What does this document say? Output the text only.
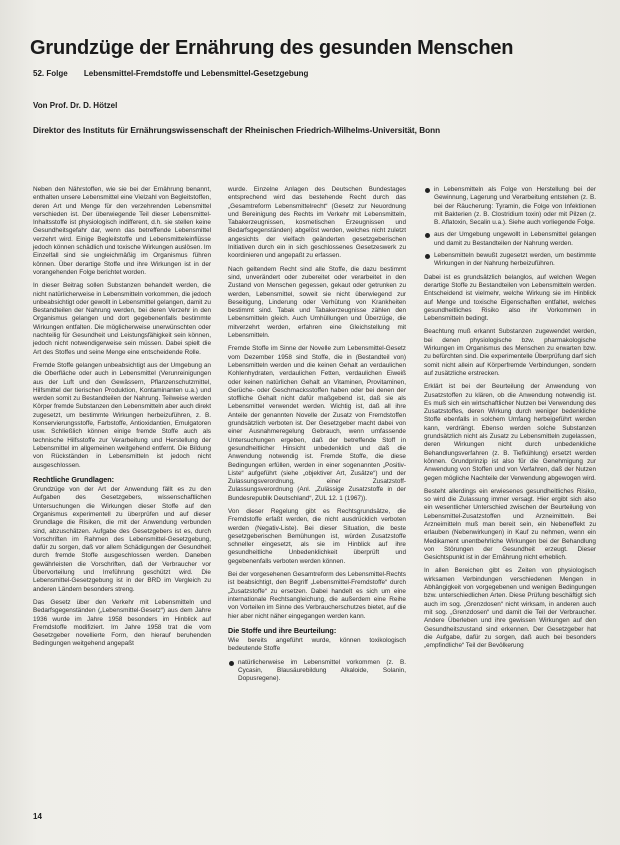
Grundzüge der Ernährung des gesunden Menschen
52. Folge Lebensmittel-Fremdstoffe und Lebensmittel-Gesetzgebung
Von Prof. Dr. D. Hötzel
Direktor des Instituts für Ernährungswissenschaft der Rheinischen Friedrich-Wilhelms-Universität, Bonn

Neben den Nährstoffen, wie sie bei der Ernährung benannt, enthalten unsere Lebensmittel eine Vielzahl von Begleitstoffen, deren Art und Menge für den verzehrenden Lebensmittel verschieden ist. Der überwiegende Teil dieser Lebensmittel-Inhaltsstoffe ist physiologisch indifferent, d.h. sie stellen keine Gesundheitsgefahr dar, wenn das betreffende Lebensmittel verzehrt wird. Einige Begleitstoffe und Lebensmitteleinflüsse jedoch können schädlich und toxische Wirkungen auslösen. Im Einzelfall sind sie ungleichmäßig im Organismus führen können. Über derartige Stoffe und ihre Wirkungen ist in der vorangehenden Folge berichtet worden.

In dieser Beitrag sollen Substanzen behandelt werden, die nicht natürlicherweise in Lebensmitteln vorkommen, die jedoch unbeabsichtigt oder gewollt in Lebensmittel gelangen, damit zu Bestandteilen der Nahrung werden, bei deren Verzehr in den Organismus gelangen und dort gegebenenfalls bestimmte Wirkungen entfalten. Die möglicherweise unerwünschten oder nachteilig für Gesundheit und Leistungsfähigkeit sein können, jedoch nicht notwendigerweise sein müssen. Dabei spielt die Art des Stoffes und seine Menge eine entscheidende Rolle.

Fremde Stoffe gelangen unbeabsichtigt aus der Umgebung an die Oberfläche oder auch in Lebensmittel (Verunreinigungen aus der Luft und den Gewässern, Pflanzenschutzmittel, Hilfsmittel der tierischen Produktion, Kontaminanten u.a.) und werden somit zu Bestandteilen der Nahrung. Teilweise werden Körper fremde Substanzen den Lebensmitteln aber auch direkt zugesetzt, um bestimmte Wirkungen herbeizuführen, z. B. Konservierungsstoffe, Farbstoffe, Antioxidantien, Emulgatoren usw. Schließlich können einige fremde Stoffe auch als technische Hilfsstoffe zur Verarbeitung und Herstellung der Lebensmittel im allgemeinen weitgehend entfernt. Die Bildung von Rückständen in Lebensmitteln ist jedoch nicht ausgeschlossen.

Rechtliche Grundlagen:

Grundzüge von der Art der Anwendung fällt es zu den Aufgaben des Gesetzgebers, wissenschaftlichen Untersuchungen die Wirkungen dieser Stoffe auf den Organismus experimentell zu überprüfen und auf dieser Grundlage die Risiken, die mit der Anwendung verbunden sind, abzuschätzen. Aufgabe des Gesetzgebers ist es, durch Vorschriften im Rahmen des Lebensmittel-Gesetzgebung, dafür zu sorgen, daß vor allem Schädigungen der Gesundheit durch fremde Stoffe ausgeschlossen werden. Daneben gewährleisten die Vorschriften, daß der Verbraucher vor Übervorteilung und Irreführung geschützt wird. Die Lebensmittel-Gesetzgebung ist in der BRD im Vergleich zu anderen Ländern besonders streng.

Das Gesetz über den Verkehr mit Lebensmitteln und Bedarfsgegenständen („Lebensmittel-Gesetz“) aus dem Jahre 1936 wurde im Jahre 1958 besonders im Hinblick auf Fremdstoffe modifiziert. Im Jahre 1958 trat die vom Gesetzgeber novellierte Form, den hierauf beruhenden Bedingungen weitgehend angepaßt

wurde. Einzelne Anlagen des Deutschen Bundestages entsprechend wird das bestehende Recht durch das „Gesamtreform Lebensmittelrecht“ (Gesetz zur Neuordnung und Bereinigung des Rechts im Verkehr mit Lebensmitteln, Tabakerzeugnissen, kosmetischen Erzeugnissen und Bedarfsgegenständen) abgelöst werden, welches nicht zuletzt angesichts der vielfach geänderten gesetzgeberischen Initiativen durch ein in sich geschlossenes Gesetzeswerk zu koordinieren und angepaßt zu erfassen.

Nach geltendem Recht sind alle Stoffe, die dazu bestimmt sind, unverändert oder zubereitet oder verarbeitet in den Zustand von Menschen gegessen, gekaut oder getrunken zu werden, Lebensmittel, soweit sie nicht überwiegend zur Beseitigung, Linderung oder Verhütung von Krankheiten bestimmt sind. Tabak und Tabakerzeugnisse zählen den Lebensmitteln gleich. Auch Umhüllungen und Überzüge, die mitverzehrt werden, erfahren eine Gleichstellung mit Lebensmitteln.

Fremde Stoffe im Sinne der Novelle zum Lebensmittel-Gesetz vom Dezember 1958 sind Stoffe, die in (Bestandteil von) Lebensmitteln werden und die keinen Gehalt an verdaulichen Kohlenhydraten, verdaulichen Fetten, verdaulichen Eiweiß oder keinen natürlichen Gehalt an Vitaminen, Provitaminen, Gerüche- oder Geschmacksstoffen haben oder bei denen der stoffliche Gehalt nicht dafür maßgebend ist, daß sie als Lebensmittel verwendet werden. Wichtig ist, daß all ihre Anteile der genannten Novelle der Zusatz von Fremdstoffen grundsätzlich verboten ist. Der Gesetzgeber macht dabei von einer Ausnahmeregelung Gebrauch, wenn umfassende Untersuchungen ergeben, daß der betreffende Stoff in gesundheitlicher Hinsicht unbedenklich und daß die Anwendung notwendig ist. Fremde Stoffe, die diese Bedingungen erfüllen, werden in einer sogenannten „Positiv-Liste“ aufgeführt (siehe „objektiver Art, Zusätze“) und der Zulassungsverordnung, einer Zusatzstoff-Zulassungsverordnung (Anl. „Zulässige Zusatzstoffe in der Bundesrepublik Deutschland“, ZUL 12. 1 (1967)).

Von dieser Regelung gibt es Rechtsgrundsätze, die Fremdstoffe erfaßt werden, die nicht ausdrücklich verboten werden (Negativ-Liste). Bei dieser Situation, die beste gesetzgeberischen Bemühungen ist, würden Zusatzstoffe schneller eingesetzt, als sie im Hinblick auf ihre gesundheitliche Unbedenklichkeit überprüft und gegebenenfalls verboten werden können.

Bei der vorgesehenen Gesamtreform des Lebensmittel-Rechts ist beabsichtigt, den Begriff „Lebensmittel-Fremdstoffe“ durch „Zusatzstoffe“ zu ersetzen. Dabei handelt es sich um eine internationale Rechtsangleichung, die außerdem eine Reihe von Vorteilen im Sinne des Verbraucherschutzes bietet, auf die hier aber nicht näher eingegangen werden kann.

Die Stoffe und ihre Beurteilung:

Wie bereits angeführt wurde, können toxikologisch bedeutende Stoffe

natürlicherweise im Lebensmittel vorkommen (z. B. Cycasin, Blausäurebildung Alkaloide, Solanin, Dopusregene).
in Lebensmitteln als Folge von Herstellung bei der Gewinnung, Lagerung und Verarbeitung entstehen (z. B. bei der Räucherung: Tyramin, die Folge von Infektionen mit Bakterien (z. B. Clostridium toxin) oder mit Pilzen (z. B. Aflatoxin, Secalin u.a.). Siehe auch vorliegende Folge.
aus der Umgebung ungewollt in Lebensmittel gelangen und damit zu Bestandteilen der Nahrung werden.
Lebensmitteln bewußt zugesetzt werden, um bestimmte Wirkungen in der Nahrung herbeizuführen.

Dabei ist es grundsätzlich belanglos, auf welchen Wegen derartige Stoffe zu Bestandteilen von Lebensmitteln werden. Entscheidend ist vielmehr, welche Wirkung sie im Hinblick auf Menge und toxische Eigenschaften entfaltet, welches gesundheitliches Risiko also ihr Vorkommen in Lebensmitteln bedingt.

Beachtung muß erkannt Substanzen zugewendet werden, bei denen physiologische bzw. pharmakologische Wirkungen im Organismus des Menschen zu erwarten bzw. zu befürchten sind. Die experimentelle Überprüfung darf sich somit nicht allein auf Körperfremde Verbindungen, sondern auf zusätzliche erstrecken.

Erklärt ist bei der Beurteilung der Anwendung von Zusatzstoffen zu klären, ob die Anwendung notwendig ist. Es muß sich ein wirtschaftlicher Nutzen bei Verwendung des Zusatzstoffes, deren Wirkung durch weniger bedenkliche Stoffe ebenfalls in solchem Umfang herbeigeführt werden kann, verdrängt. Ebenso werden solche Substanzen grundsätzlich nicht als Zusatz zu Lebensmitteln zugelassen, deren Wirkungen nicht durch unbedenkliche Behandlungsverfahren (z. B. Tiefkühlung) ersetzt werden können. Grundprinzip ist also für die Genehmigung zur Anwendung von Stoffen und von Verfahren, daß der Nutzen gegen mögliche Nachteile der Verwendung abgewogen wird.

Besteht allerdings ein erwiesenes gesundheitliches Risiko, so wird die Zulassung immer versagt. Hier ergibt sich also ein wesentlicher Unterschied zwischen der Beurteilung von Lebensmittel-Zusatzstoffen und Arzneimitteln. Bei Arzneimitteln muß man bereit sein, ein Nebeneffekt zu erlauben (Nebenwirkungen) in Kauf zu nehmen, wenn ein Medikament unentbehrliche Wirkungen bei der Behandlung von Störungen der Gesundheit erzeugt. Dieser Gesichtspunkt ist in der Ernährung nicht erheblich.

In allen Bereichen gibt es Zeiten von physiologisch wirksamen Verbindungen verschiedenen Mengen in Abhängigkeit von vorgegebenen und wenigen Bedingungen bzw. unterschiedlichen Arten. Diese Prüfung beschäftigt sich auch im sog. „Grenzdosen“ nicht wirksam, in anderen auch mit sog. „Grenzdosen“ und damit die Teil der Verbraucher. Andere Überleben und ihre gewissen Wirkungen auf den Gesundheitszustand sind erkennen. Der Gesetzgeber hat die Aufgabe, dafür zu sorgen, daß auch bei besonders „empfindliche“ Teil der Bevölkerung

14
